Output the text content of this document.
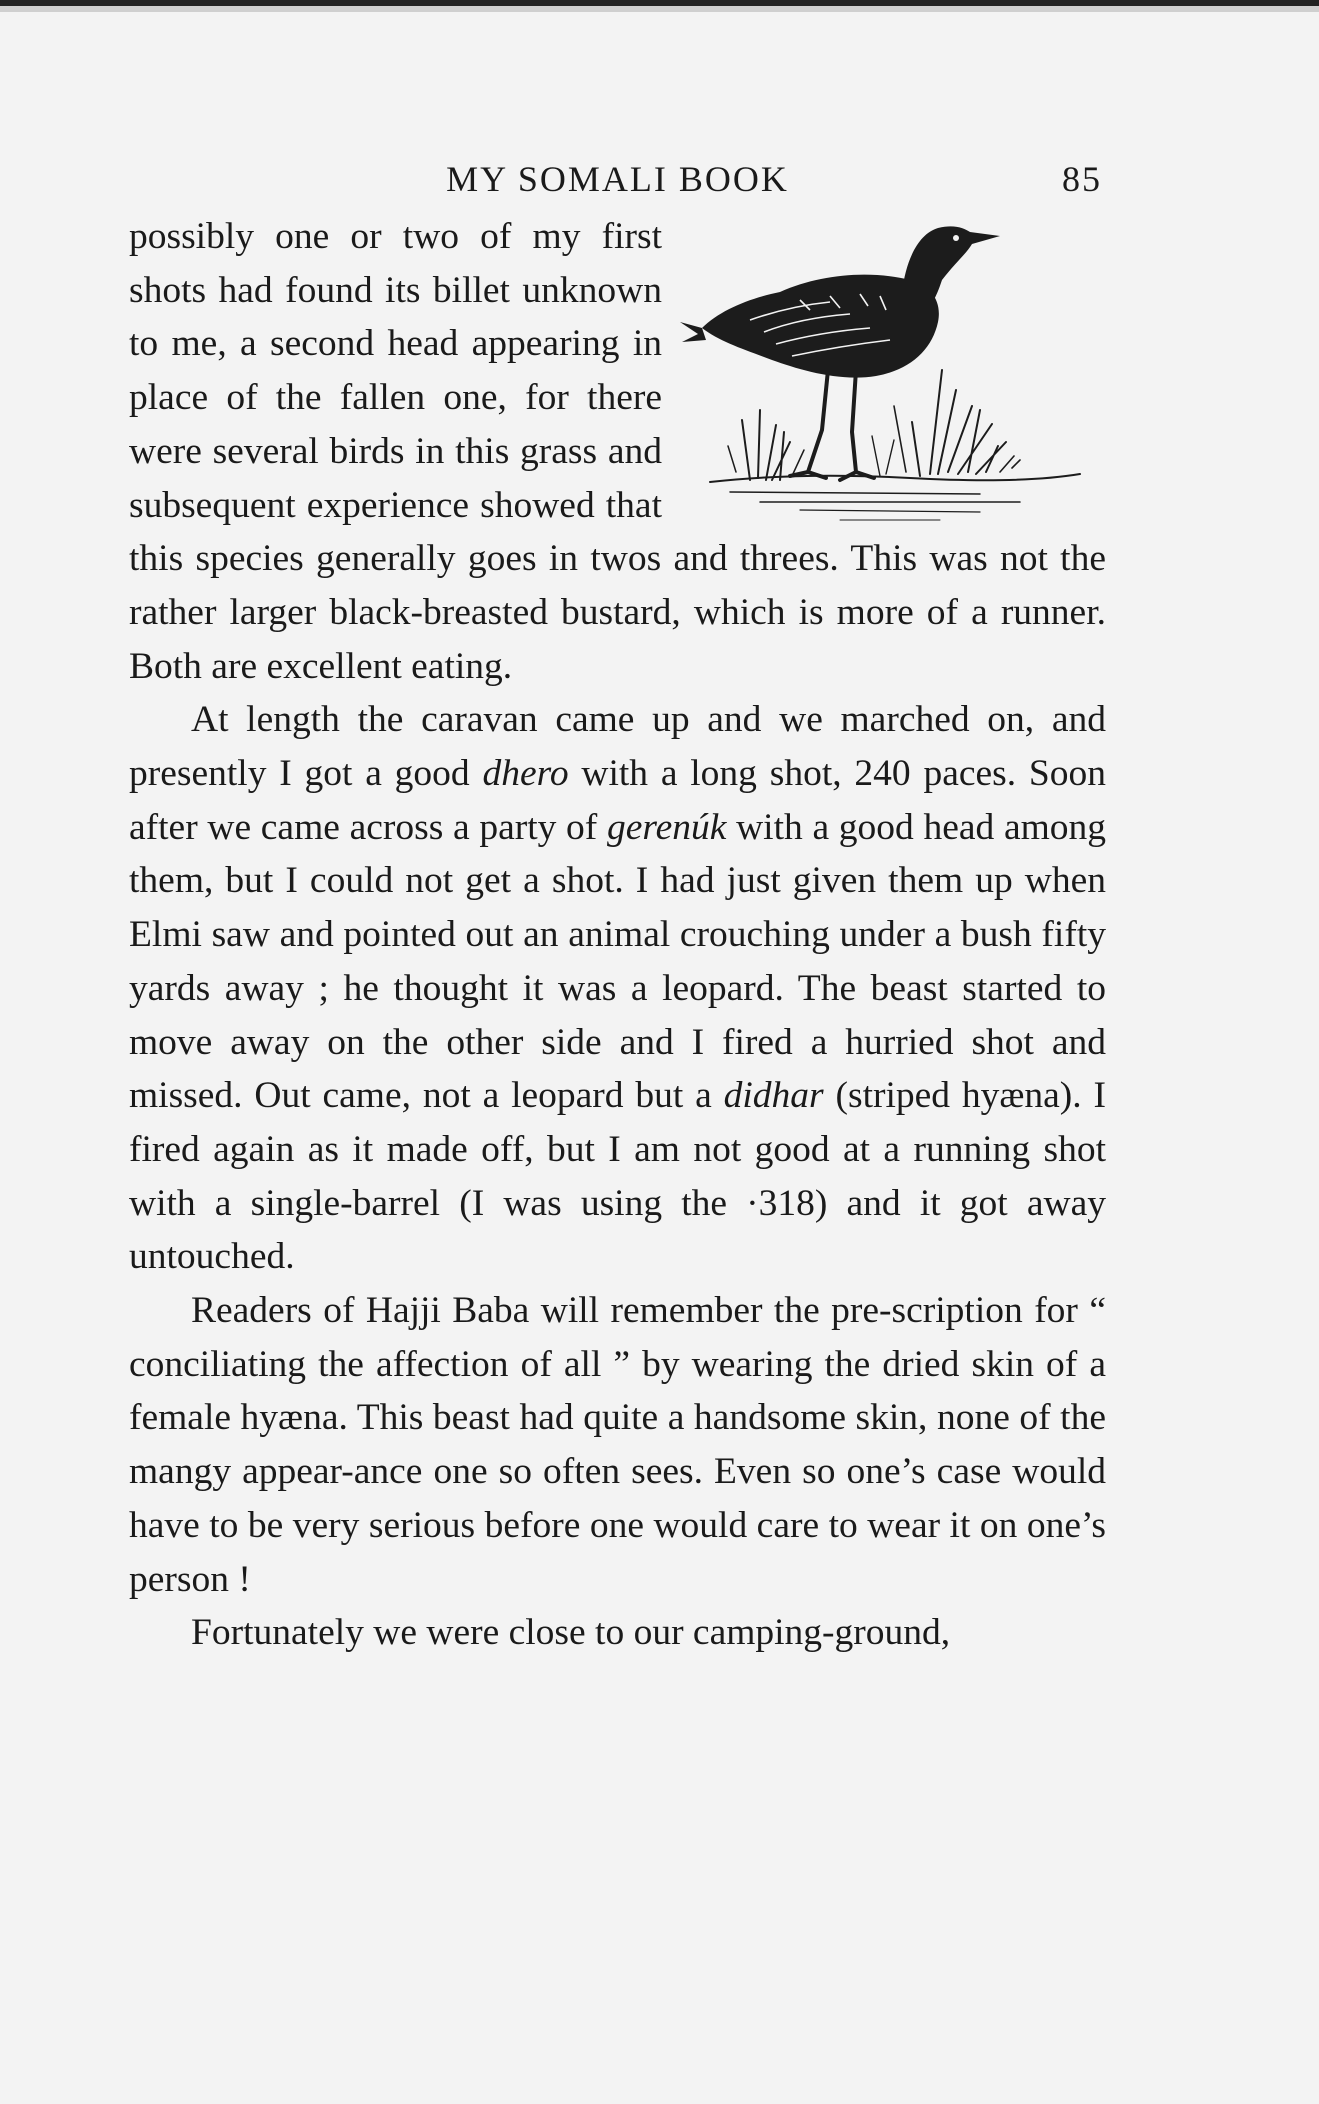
MY SOMALI BOOK	85

possibly one or two of my first shots had found its billet unknown to me, a second head appearing in place of the fallen one, for there were several birds in this grass and subsequent experience showed that this species generally goes in twos and threes. This was not the rather larger black-breasted bustard, which is more of a runner. Both are excellent eating.

At length the caravan came up and we marched on, and presently I got a good dhero with a long shot, 240 paces. Soon after we came across a party of gerenúk with a good head among them, but I could not get a shot. I had just given them up when Elmi saw and pointed out an animal crouching under a bush fifty yards away ; he thought it was a leopard. The beast started to move away on the other side and I fired a hurried shot and missed. Out came, not a leopard but a didhar (striped hyæna). I fired again as it made off, but I am not good at a running shot with a single-barrel (I was using the ·318) and it got away untouched.

Readers of Hajji Baba will remember the pre-scription for “ conciliating the affection of all ” by wearing the dried skin of a female hyæna. This beast had quite a handsome skin, none of the mangy appear-ance one so often sees. Even so one’s case would have to be very serious before one would care to wear it on one’s person !

Fortunately we were close to our camping-ground,
